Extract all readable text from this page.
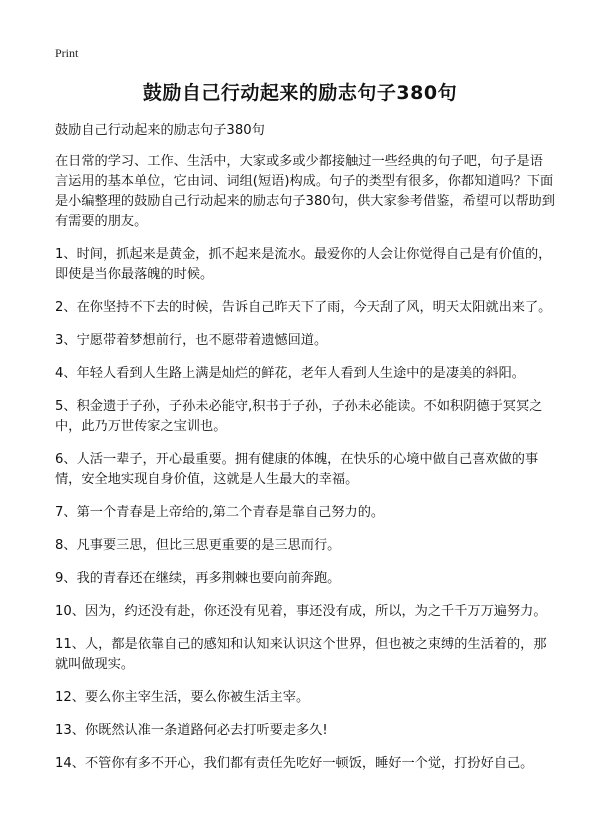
Print
鼓励自己行动起来的励志句子380句

鼓励自己行动起来的励志句子380句

在日常的学习、工作、生活中，大家或多或少都接触过一些经典的句子吧，句子是语言运用的基本单位，它由词、词组(短语)构成。句子的类型有很多，你都知道吗？下面是小编整理的鼓励自己行动起来的励志句子380句，供大家参考借鉴，希望可以帮助到有需要的朋友。

1、时间，抓起来是黄金，抓不起来是流水。最爱你的人会让你觉得自己是有价值的，即使是当你最落魄的时候。

2、在你坚持不下去的时候，告诉自己昨天下了雨，今天刮了风，明天太阳就出来了。

3、宁愿带着梦想前行，也不愿带着遗憾回道。

4、年轻人看到人生路上满是灿烂的鲜花，老年人看到人生途中的是凄美的斜阳。

5、积金遗于子孙，子孙未必能守,积书于子孙，子孙未必能读。不如积阴德于冥冥之中，此乃万世传家之宝训也。

6、人活一辈子，开心最重要。拥有健康的体魄，在快乐的心境中做自己喜欢做的事情，安全地实现自身价值，这就是人生最大的幸福。

7、第一个青春是上帝给的,第二个青春是靠自己努力的。

8、凡事要三思，但比三思更重要的是三思而行。

9、我的青春还在继续，再多荆棘也要向前奔跑。

10、因为，约还没有赴，你还没有见着，事还没有成，所以，为之千千万万遍努力。

11、人，都是依靠自己的感知和认知来认识这个世界，但也被之束缚的生活着的，那就叫做现实。

12、要么你主宰生活，要么你被生活主宰。

13、你既然认准一条道路何必去打听要走多久!

14、不管你有多不开心，我们都有责任先吃好一顿饭，睡好一个觉，打扮好自己。
